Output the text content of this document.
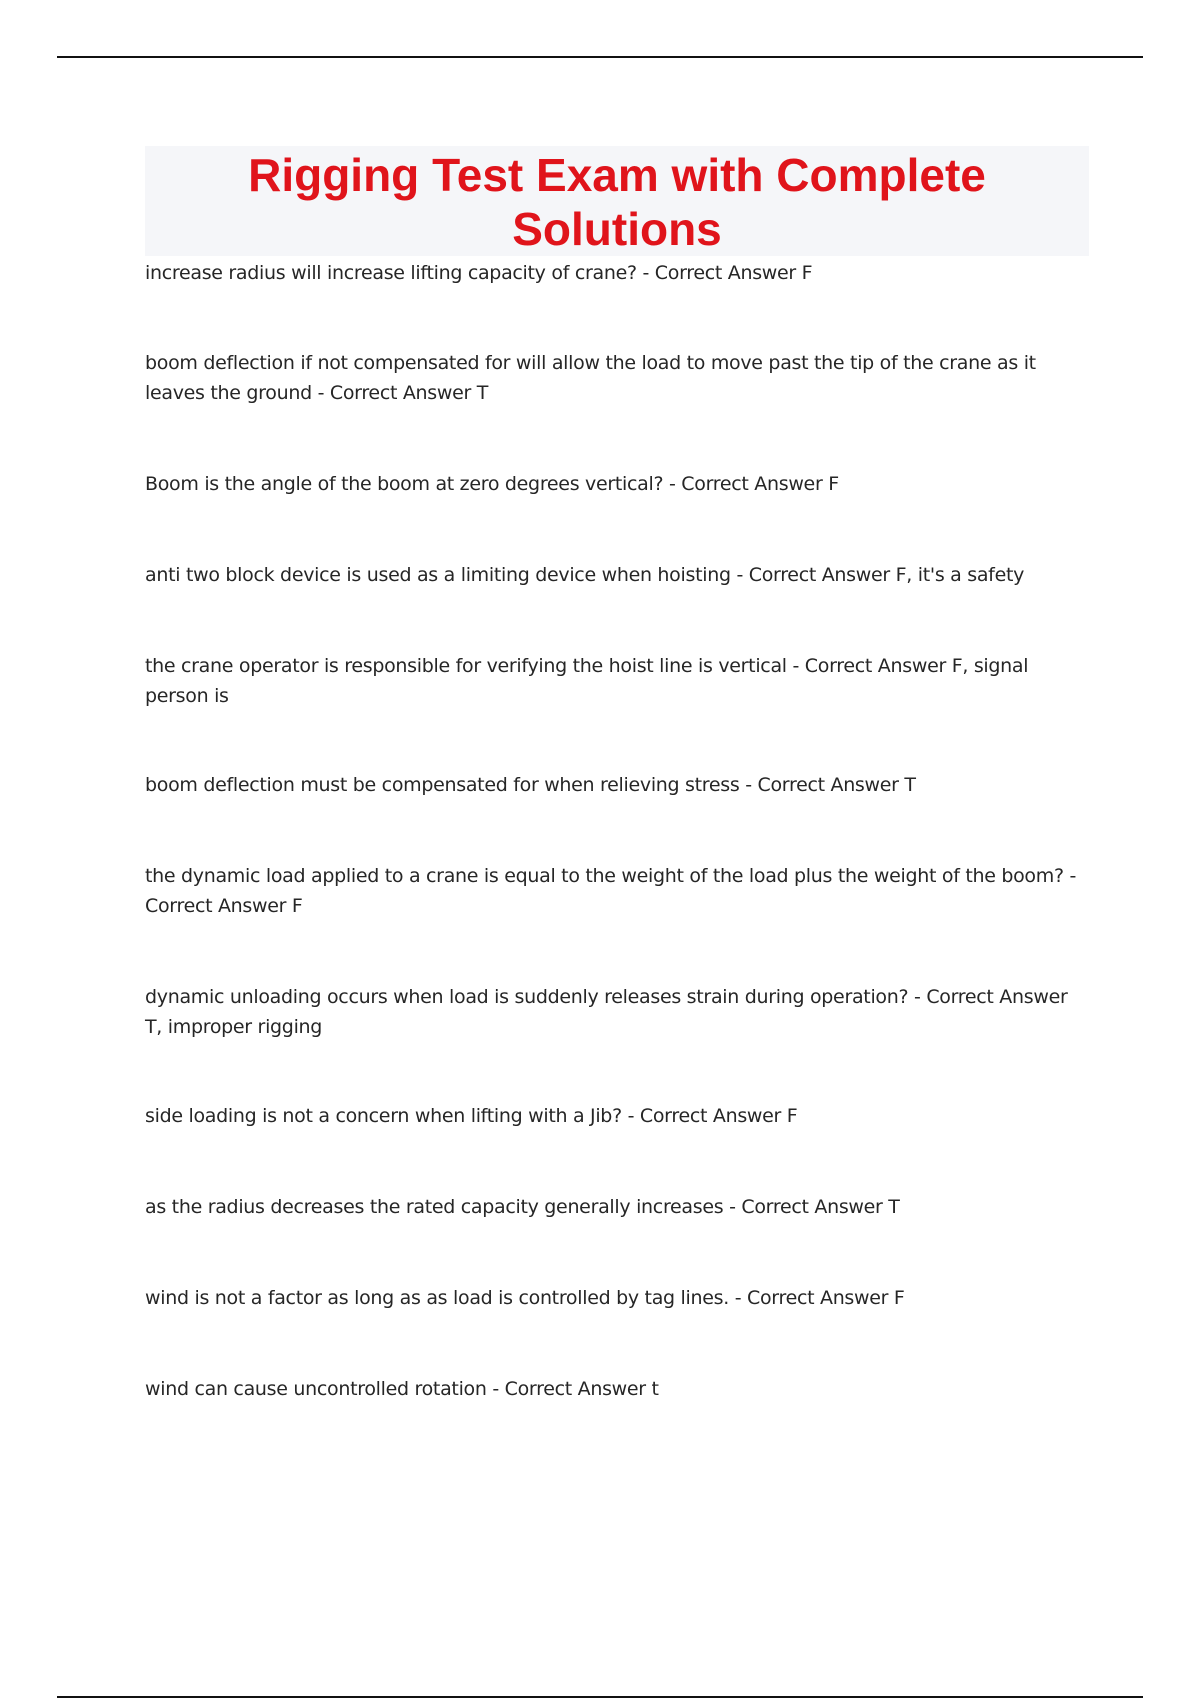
Rigging Test Exam with Complete Solutions
increase radius will increase lifting capacity of crane? - Correct Answer F
boom deflection if not compensated for will allow the load to move past the tip of the crane as it leaves the ground - Correct Answer T
Boom is the angle of the boom at zero degrees vertical? - Correct Answer F
anti two block device is used as a limiting device when hoisting - Correct Answer F, it's a safety
the crane operator is responsible for verifying the hoist line is vertical - Correct Answer F, signal person is
boom deflection must be compensated for when relieving stress - Correct Answer T
the dynamic load applied to a crane is equal to the weight of the load plus the weight of the boom? - Correct Answer F
dynamic unloading occurs when load is suddenly releases strain during operation? - Correct Answer T, improper rigging
side loading is not a concern when lifting with a Jib? - Correct Answer F
as the radius decreases the rated capacity generally increases - Correct Answer T
wind is not a factor as long as as load is controlled by tag lines. - Correct Answer F
wind can cause uncontrolled rotation - Correct Answer t
